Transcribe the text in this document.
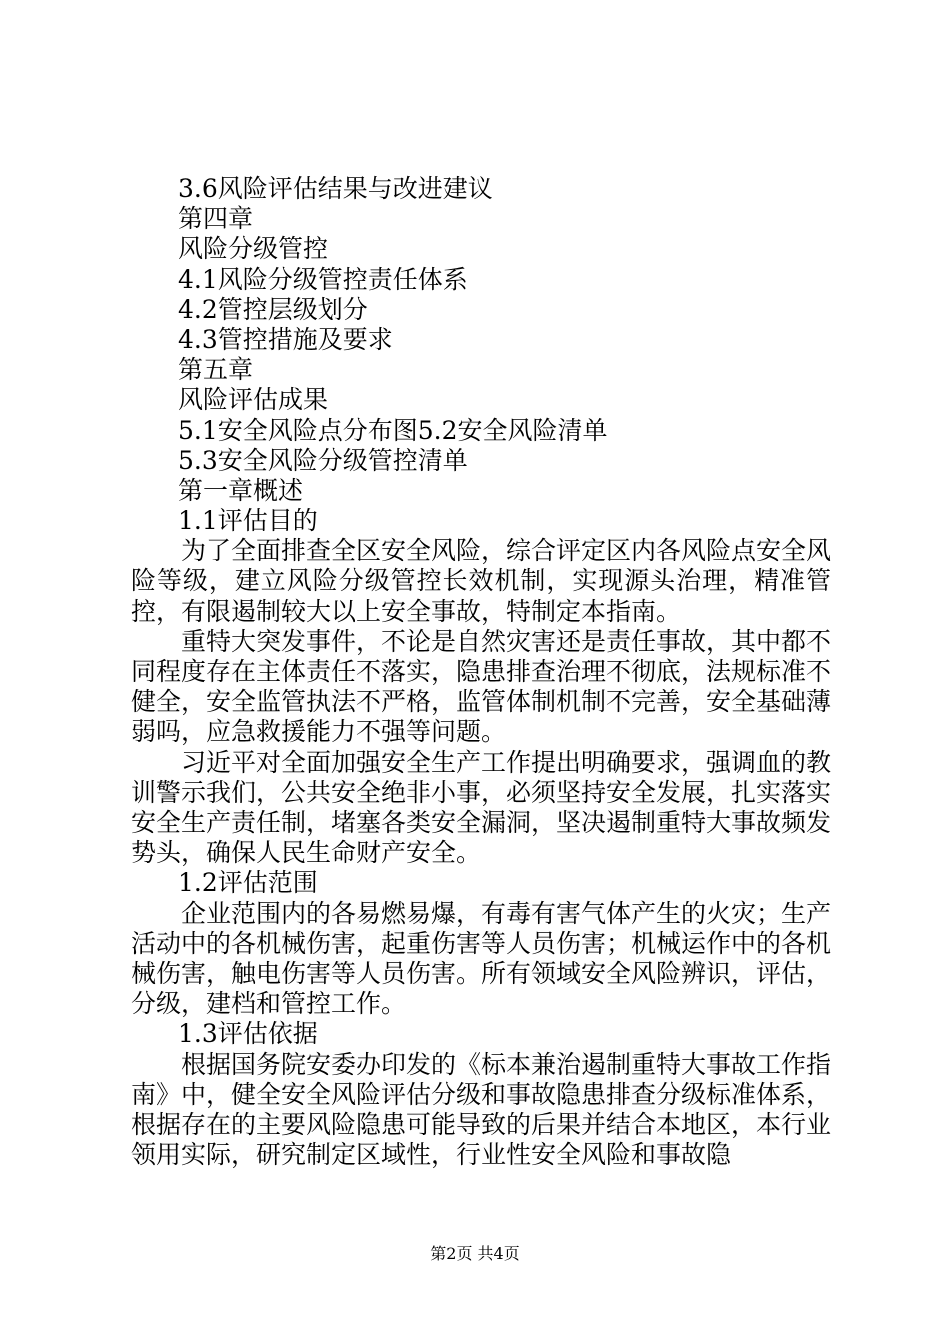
3.6风险评估结果与改进建议
第四章
风险分级管控
4.1风险分级管控责任体系
4.2管控层级划分
4.3管控措施及要求
第五章
风险评估成果
5.1安全风险点分布图5.2安全风险清单
5.3安全风险分级管控清单
第一章概述
1.1评估目的

为了全面排查全区安全风险，综合评定区内各风险点安全风险等级，建立风险分级管控长效机制，实现源头治理，精准管控，有限遏制较大以上安全事故，特制定本指南。

重特大突发事件，不论是自然灾害还是责任事故，其中都不同程度存在主体责任不落实，隐患排查治理不彻底，法规标准不健全，安全监管执法不严格，监管体制机制不完善，安全基础薄弱吗，应急救援能力不强等问题。

习近平对全面加强安全生产工作提出明确要求，强调血的教训警示我们，公共安全绝非小事，必须坚持安全发展，扎实落实安全生产责任制，堵塞各类安全漏洞，坚决遏制重特大事故频发势头，确保人民生命财产安全。

1.2评估范围

企业范围内的各易燃易爆，有毒有害气体产生的火灾；生产活动中的各机械伤害，起重伤害等人员伤害；机械运作中的各机械伤害，触电伤害等人员伤害。所有领域安全风险辨识，评估，分级，建档和管控工作。

1.3评估依据

根据国务院安委办印发的《标本兼治遏制重特大事故工作指南》中，健全安全风险评估分级和事故隐患排查分级标准体系，根据存在的主要风险隐患可能导致的后果并结合本地区，本行业领用实际，研究制定区域性，行业性安全风险和事故隐

第2页 共4页
